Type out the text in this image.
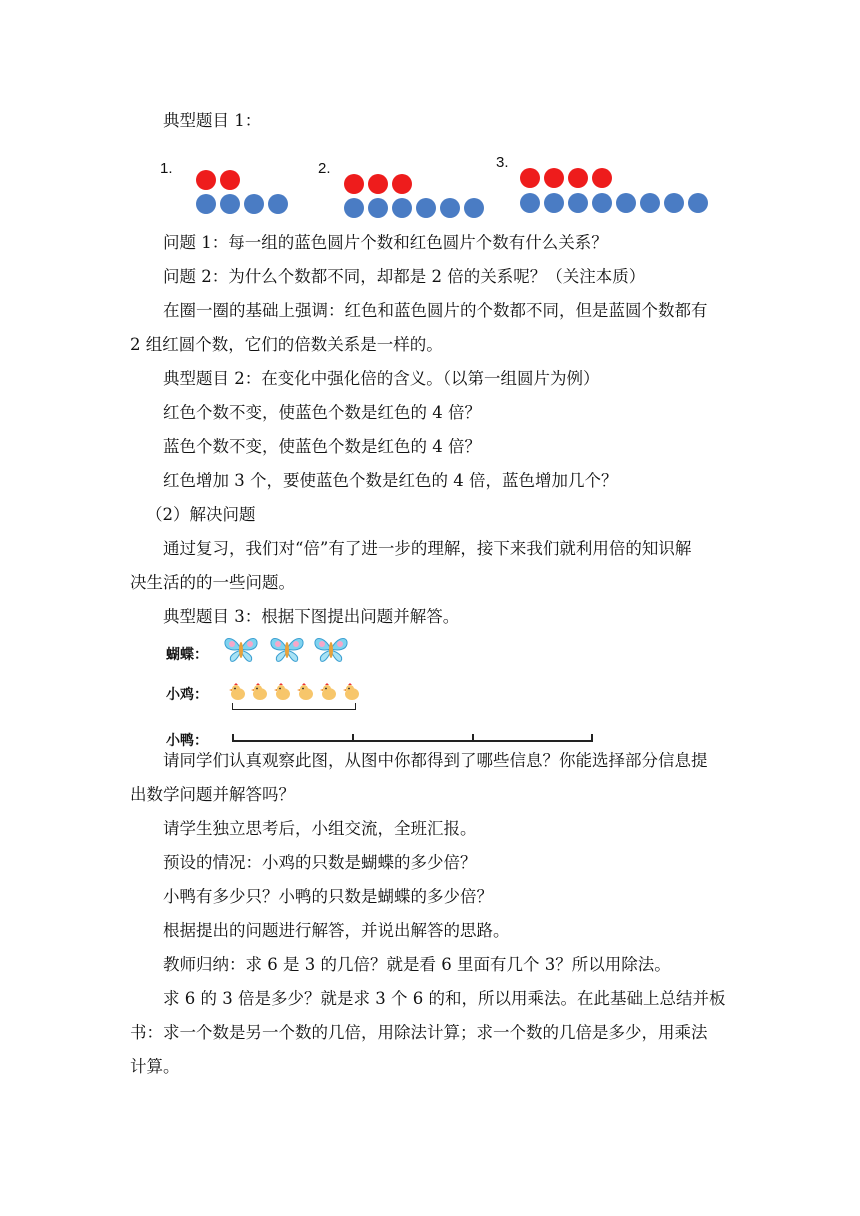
典型题目 1：

1.	2.	3.

问题 1：每一组的蓝色圆片个数和红色圆片个数有什么关系？

问题 2：为什么个数都不同，却都是 2 倍的关系呢？（关注本质）

在圈一圈的基础上强调：红色和蓝色圆片的个数都不同，但是蓝圆个数都有

2 组红圆个数，它们的倍数关系是一样的。

典型题目 2：在变化中强化倍的含义。（以第一组圆片为例）

红色个数不变，使蓝色个数是红色的 4 倍？

蓝色个数不变，使蓝色个数是红色的 4 倍？

红色增加 3 个，要使蓝色个数是红色的 4 倍，蓝色增加几个？

（2）解决问题

通过复习，我们对“倍”有了进一步的理解，接下来我们就利用倍的知识解

决生活的的一些问题。

典型题目 3：根据下图提出问题并解答。

蝴蝶：
小鸡：
小鸭：

请同学们认真观察此图，从图中你都得到了哪些信息？你能选择部分信息提

出数学问题并解答吗？

请学生独立思考后，小组交流，全班汇报。

预设的情况：小鸡的只数是蝴蝶的多少倍？

小鸭有多少只？小鸭的只数是蝴蝶的多少倍？

根据提出的问题进行解答，并说出解答的思路。

教师归纳：求 6 是 3 的几倍？就是看 6 里面有几个 3？所以用除法。

求 6 的 3 倍是多少？就是求 3 个 6 的和，所以用乘法。在此基础上总结并板

书：求一个数是另一个数的几倍，用除法计算；求一个数的几倍是多少，用乘法

计算。
